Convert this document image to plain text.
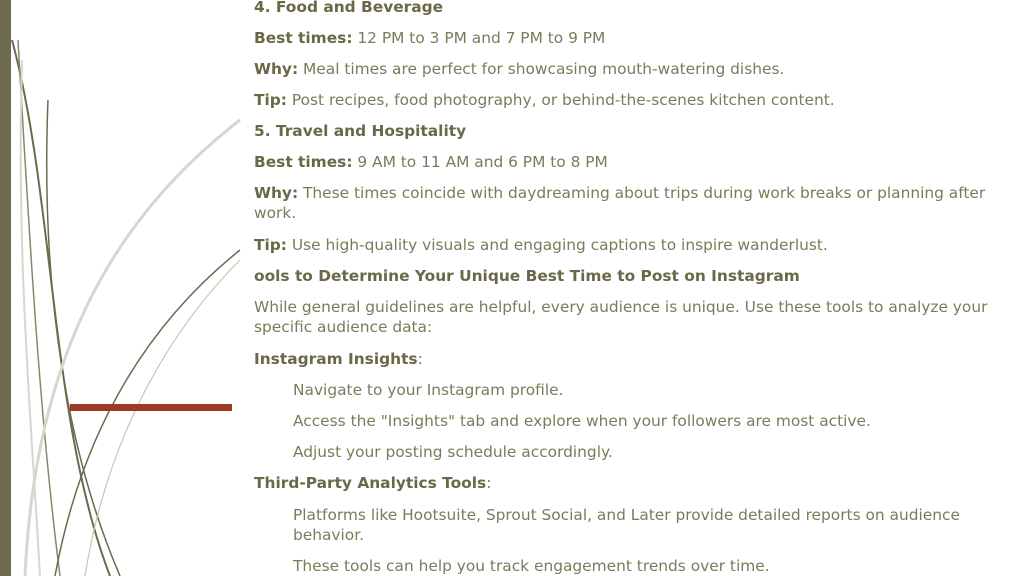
4. Food and Beverage

Best times: 12 PM to 3 PM and 7 PM to 9 PM

Why: Meal times are perfect for showcasing mouth-watering dishes.

Tip: Post recipes, food photography, or behind-the-scenes kitchen content.

5. Travel and Hospitality

Best times: 9 AM to 11 AM and 6 PM to 8 PM

Why: These times coincide with daydreaming about trips during work breaks or planning after work.

Tip: Use high-quality visuals and engaging captions to inspire wanderlust.

ools to Determine Your Unique Best Time to Post on Instagram

While general guidelines are helpful, every audience is unique. Use these tools to analyze your specific audience data:

Instagram Insights:

Navigate to your Instagram profile.

Access the "Insights" tab and explore when your followers are most active.

Adjust your posting schedule accordingly.

Third-Party Analytics Tools:

Platforms like Hootsuite, Sprout Social, and Later provide detailed reports on audience behavior.

These tools can help you track engagement trends over time.
